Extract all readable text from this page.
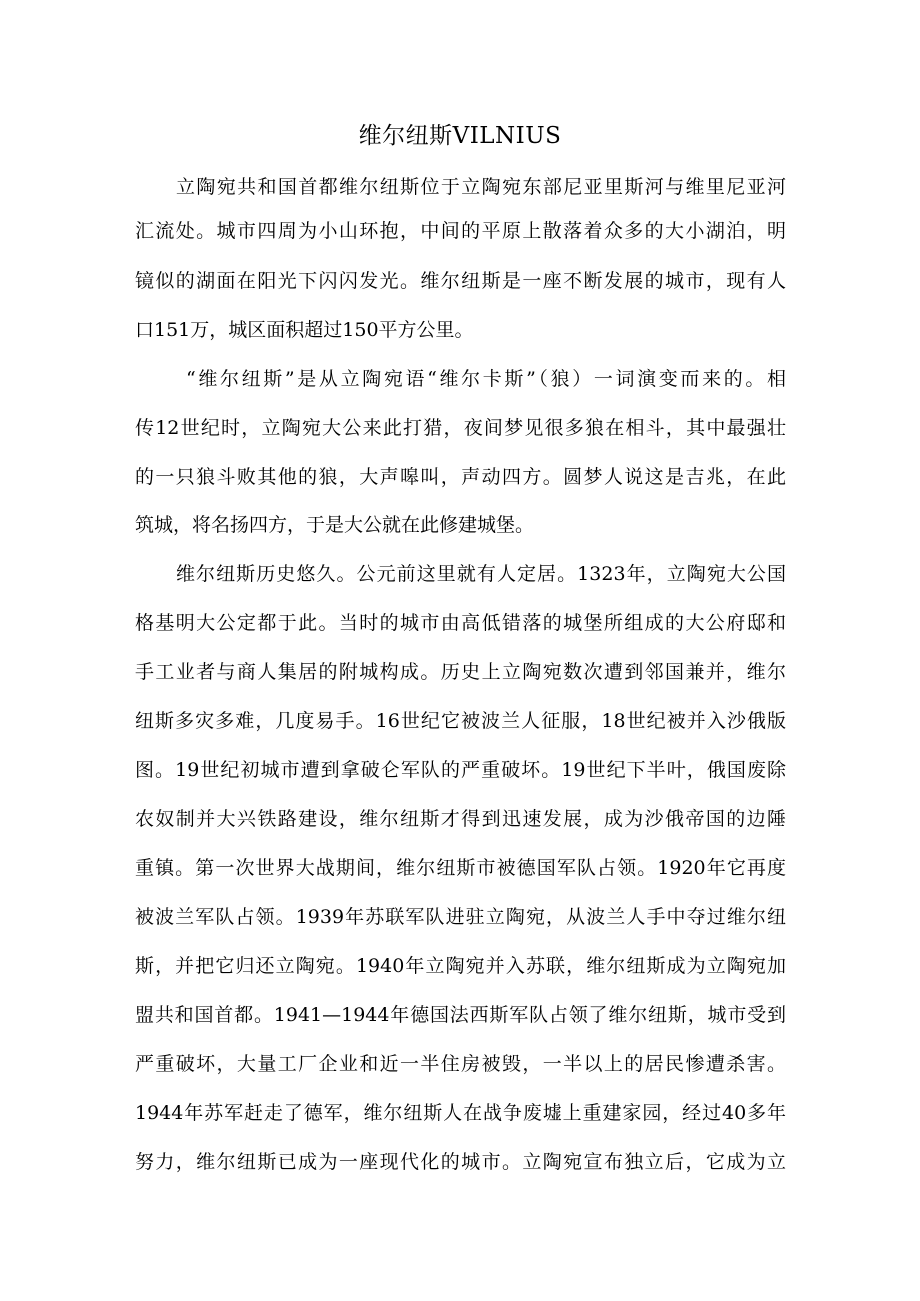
维尔纽斯VILNIUS
立陶宛共和国首都维尔纽斯位于立陶宛东部尼亚里斯河与维里尼亚河
汇流处。城市四周为小山环抱，中间的平原上散落着众多的大小湖泊，明
镜似的湖面在阳光下闪闪发光。维尔纽斯是一座不断发展的城市，现有人
口151万，城区面积超过150平方公里。
“维尔纽斯”是从立陶宛语“维尔卡斯”（狼）一词演变而来的。相
传12世纪时，立陶宛大公来此打猎，夜间梦见很多狼在相斗，其中最强壮
的一只狼斗败其他的狼，大声嗥叫，声动四方。圆梦人说这是吉兆，在此
筑城，将名扬四方，于是大公就在此修建城堡。
维尔纽斯历史悠久。公元前这里就有人定居。1323年，立陶宛大公国
格基明大公定都于此。当时的城市由高低错落的城堡所组成的大公府邸和
手工业者与商人集居的附城构成。历史上立陶宛数次遭到邻国兼并，维尔
纽斯多灾多难，几度易手。16世纪它被波兰人征服，18世纪被并入沙俄版
图。19世纪初城市遭到拿破仑军队的严重破坏。19世纪下半叶，俄国废除
农奴制并大兴铁路建设，维尔纽斯才得到迅速发展，成为沙俄帝国的边陲
重镇。第一次世界大战期间，维尔纽斯市被德国军队占领。1920年它再度
被波兰军队占领。1939年苏联军队进驻立陶宛，从波兰人手中夺过维尔纽
斯，并把它归还立陶宛。1940年立陶宛并入苏联，维尔纽斯成为立陶宛加
盟共和国首都。1941—1944年德国法西斯军队占领了维尔纽斯，城市受到
严重破坏，大量工厂企业和近一半住房被毁，一半以上的居民惨遭杀害。
1944年苏军赶走了德军，维尔纽斯人在战争废墟上重建家园，经过40多年
努力，维尔纽斯已成为一座现代化的城市。立陶宛宣布独立后，它成为立
